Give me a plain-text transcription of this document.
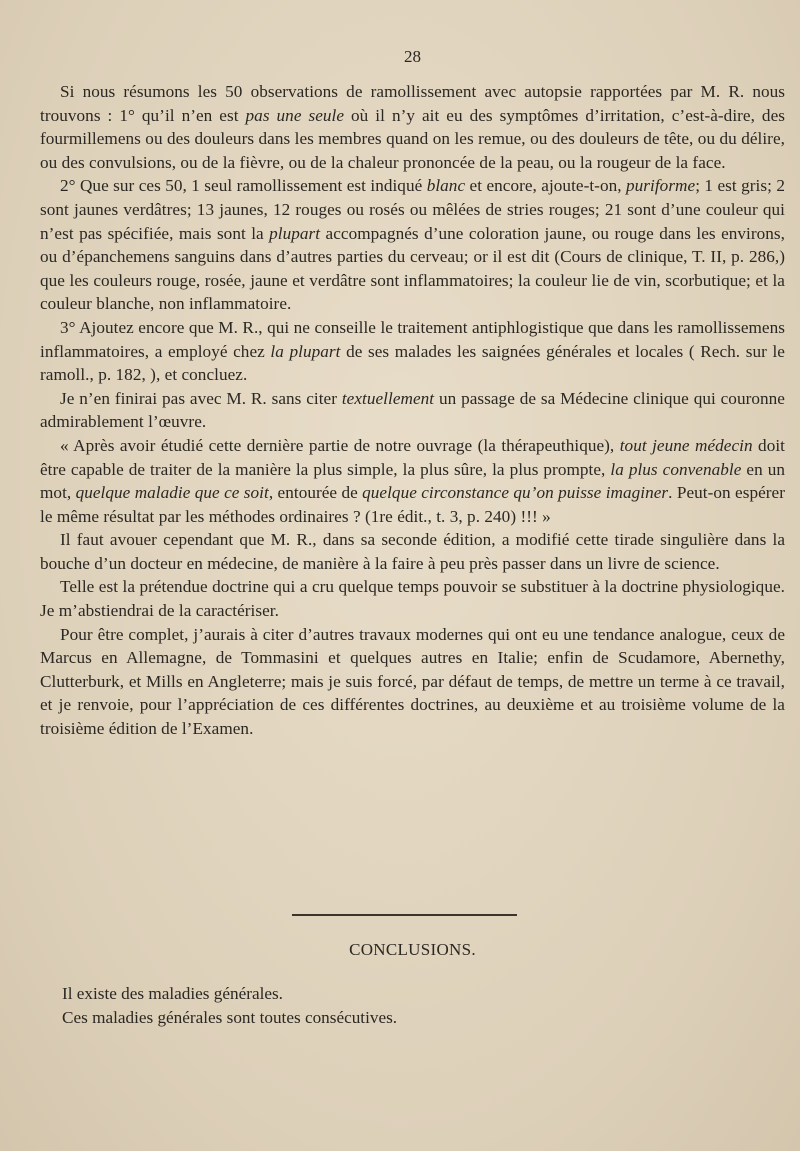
28

Si nous résumons les 50 observations de ramollissement avec autopsie rapportées par M. R. nous trouvons : 1° qu’il n’en est pas une seule où il n’y ait eu des symptômes d’irritation, c’est-à-dire, des fourmillemens ou des douleurs dans les membres quand on les remue, ou des douleurs de tête, ou du délire, ou des convulsions, ou de la fièvre, ou de la chaleur prononcée de la peau, ou la rougeur de la face.

2° Que sur ces 50, 1 seul ramollissement est indiqué blanc et encore, ajoute-t-on, puriforme; 1 est gris; 2 sont jaunes verdâtres; 13 jaunes, 12 rouges ou rosés ou mêlées de stries rouges; 21 sont d’une couleur qui n’est pas spécifiée, mais sont la plupart accompagnés d’une coloration jaune, ou rouge dans les environs, ou d’épanchemens sanguins dans d’autres parties du cerveau; or il est dit (Cours de clinique, T. II, p. 286,) que les couleurs rouge, rosée, jaune et verdâtre sont inflammatoires; la couleur lie de vin, scorbutique; et la couleur blanche, non inflammatoire.

3° Ajoutez encore que M. R., qui ne conseille le traitement antiphlogistique que dans les ramollissemens inflammatoires, a employé chez la plupart de ses malades les saignées générales et locales ( Rech. sur le ramoll., p. 182, ), et concluez.

Je n’en finirai pas avec M. R. sans citer textuellement un passage de sa Médecine clinique qui couronne admirablement l’œuvre.

« Après avoir étudié cette dernière partie de notre ouvrage (la thérapeuthique), tout jeune médecin doit être capable de traiter de la manière la plus simple, la plus sûre, la plus prompte, la plus convenable en un mot, quelque maladie que ce soit, entourée de quelque circonstance qu’on puisse imaginer. Peut-on espérer le même résultat par les méthodes ordinaires ? (1re édit., t. 3, p. 240) !!! »

Il faut avouer cependant que M. R., dans sa seconde édition, a modifié cette tirade singulière dans la bouche d’un docteur en médecine, de manière à la faire à peu près passer dans un livre de science.

Telle est la prétendue doctrine qui a cru quelque temps pouvoir se substituer à la doctrine physiologique. Je m’abstiendrai de la caractériser.

Pour être complet, j’aurais à citer d’autres travaux modernes qui ont eu une tendance analogue, ceux de Marcus en Allemagne, de Tommasini et quelques autres en Italie; enfin de Scudamore, Abernethy, Clutterburk, et Mills en Angleterre; mais je suis forcé, par défaut de temps, de mettre un terme à ce travail, et je renvoie, pour l’appréciation de ces différentes doctrines, au deuxième et au troisième volume de la troisième édition de l’Examen.

CONCLUSIONS.

Il existe des maladies générales.

Ces maladies générales sont toutes consécutives.
